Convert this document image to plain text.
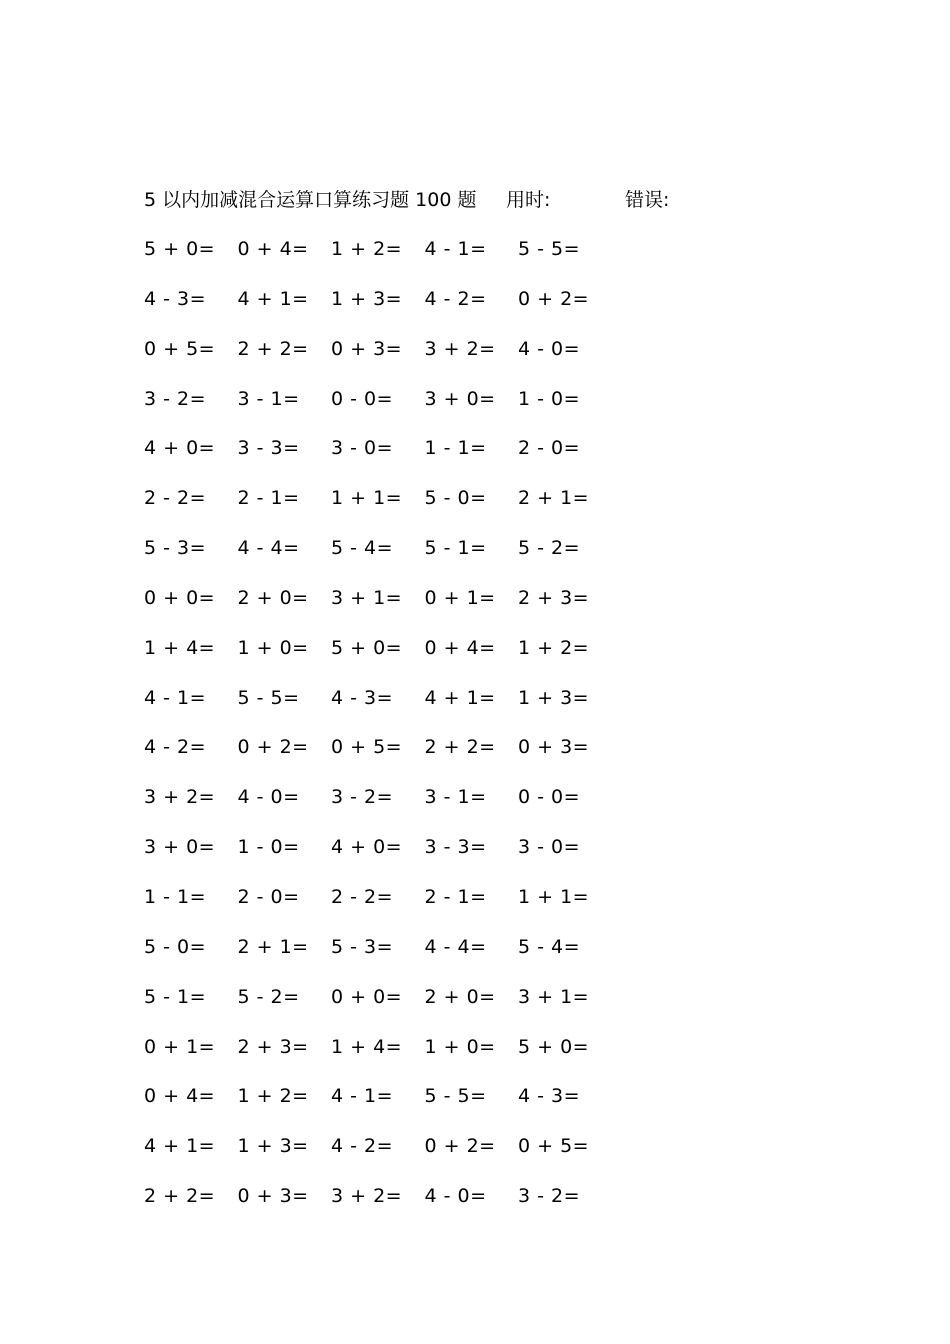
5 以内加减混合运算口算练习题 100 题 用时:	错误:
5 + 0=	0 + 4=	1 + 2=	4 - 1=	5 - 5=
4 - 3=	4 + 1=	1 + 3=	4 - 2=	0 + 2=
0 + 5=	2 + 2=	0 + 3=	3 + 2=	4 - 0=
3 - 2=	3 - 1=	0 - 0=	3 + 0=	1 - 0=
4 + 0=	3 - 3=	3 - 0=	1 - 1=	2 - 0=
2 - 2=	2 - 1=	1 + 1=	5 - 0=	2 + 1=
5 - 3=	4 - 4=	5 - 4=	5 - 1=	5 - 2=
0 + 0=	2 + 0=	3 + 1=	0 + 1=	2 + 3=
1 + 4=	1 + 0=	5 + 0=	0 + 4=	1 + 2=
4 - 1=	5 - 5=	4 - 3=	4 + 1=	1 + 3=
4 - 2=	0 + 2=	0 + 5=	2 + 2=	0 + 3=
3 + 2=	4 - 0=	3 - 2=	3 - 1=	0 - 0=
3 + 0=	1 - 0=	4 + 0=	3 - 3=	3 - 0=
1 - 1=	2 - 0=	2 - 2=	2 - 1=	1 + 1=
5 - 0=	2 + 1=	5 - 3=	4 - 4=	5 - 4=
5 - 1=	5 - 2=	0 + 0=	2 + 0=	3 + 1=
0 + 1=	2 + 3=	1 + 4=	1 + 0=	5 + 0=
0 + 4=	1 + 2=	4 - 1=	5 - 5=	4 - 3=
4 + 1=	1 + 3=	4 - 2=	0 + 2=	0 + 5=
2 + 2=	0 + 3=	3 + 2=	4 - 0=	3 - 2=
